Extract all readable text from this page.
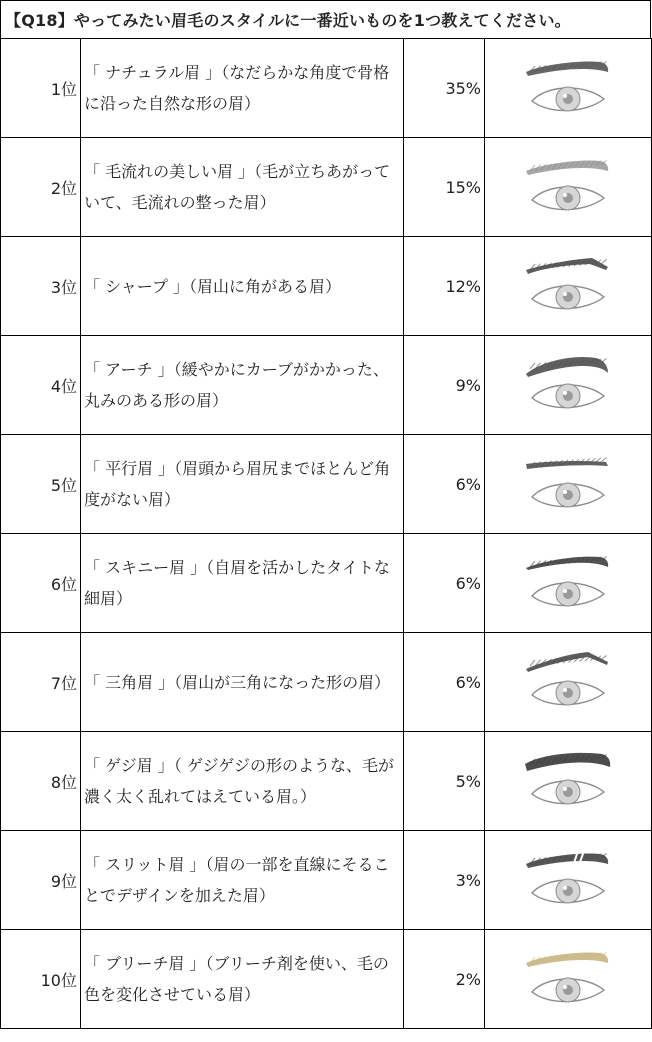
【Q18】やってみたい眉毛のスタイルに一番近いものを1つ教えてください。
1位	「 ナチュラル眉 」（なだらかな角度で骨格に沿った自然な形の眉）	35%	

2位	「 毛流れの美しい眉 」（毛が立ちあがっていて、毛流れの整った眉）	15%	

3位	「 シャープ 」（眉山に角がある眉）	12%	

4位	「 アーチ 」（緩やかにカーブがかかった、丸みのある形の眉）	9%	

5位	「 平行眉 」（眉頭から眉尻までほとんど角度がない眉）	6%	

6位	「 スキニー眉 」（自眉を活かしたタイトな細眉）	6%	

7位	「 三角眉 」（眉山が三角になった形の眉）	6%	

8位	「 ゲジ眉 」（ ゲジゲジの形のような、毛が濃く太く乱れてはえている眉。）	5%	

9位	「 スリット眉 」（眉の一部を直線にそることでデザインを加えた眉）	3%	

10位	「 ブリーチ眉 」（ブリーチ剤を使い、毛の色を変化させている眉）	2%	
